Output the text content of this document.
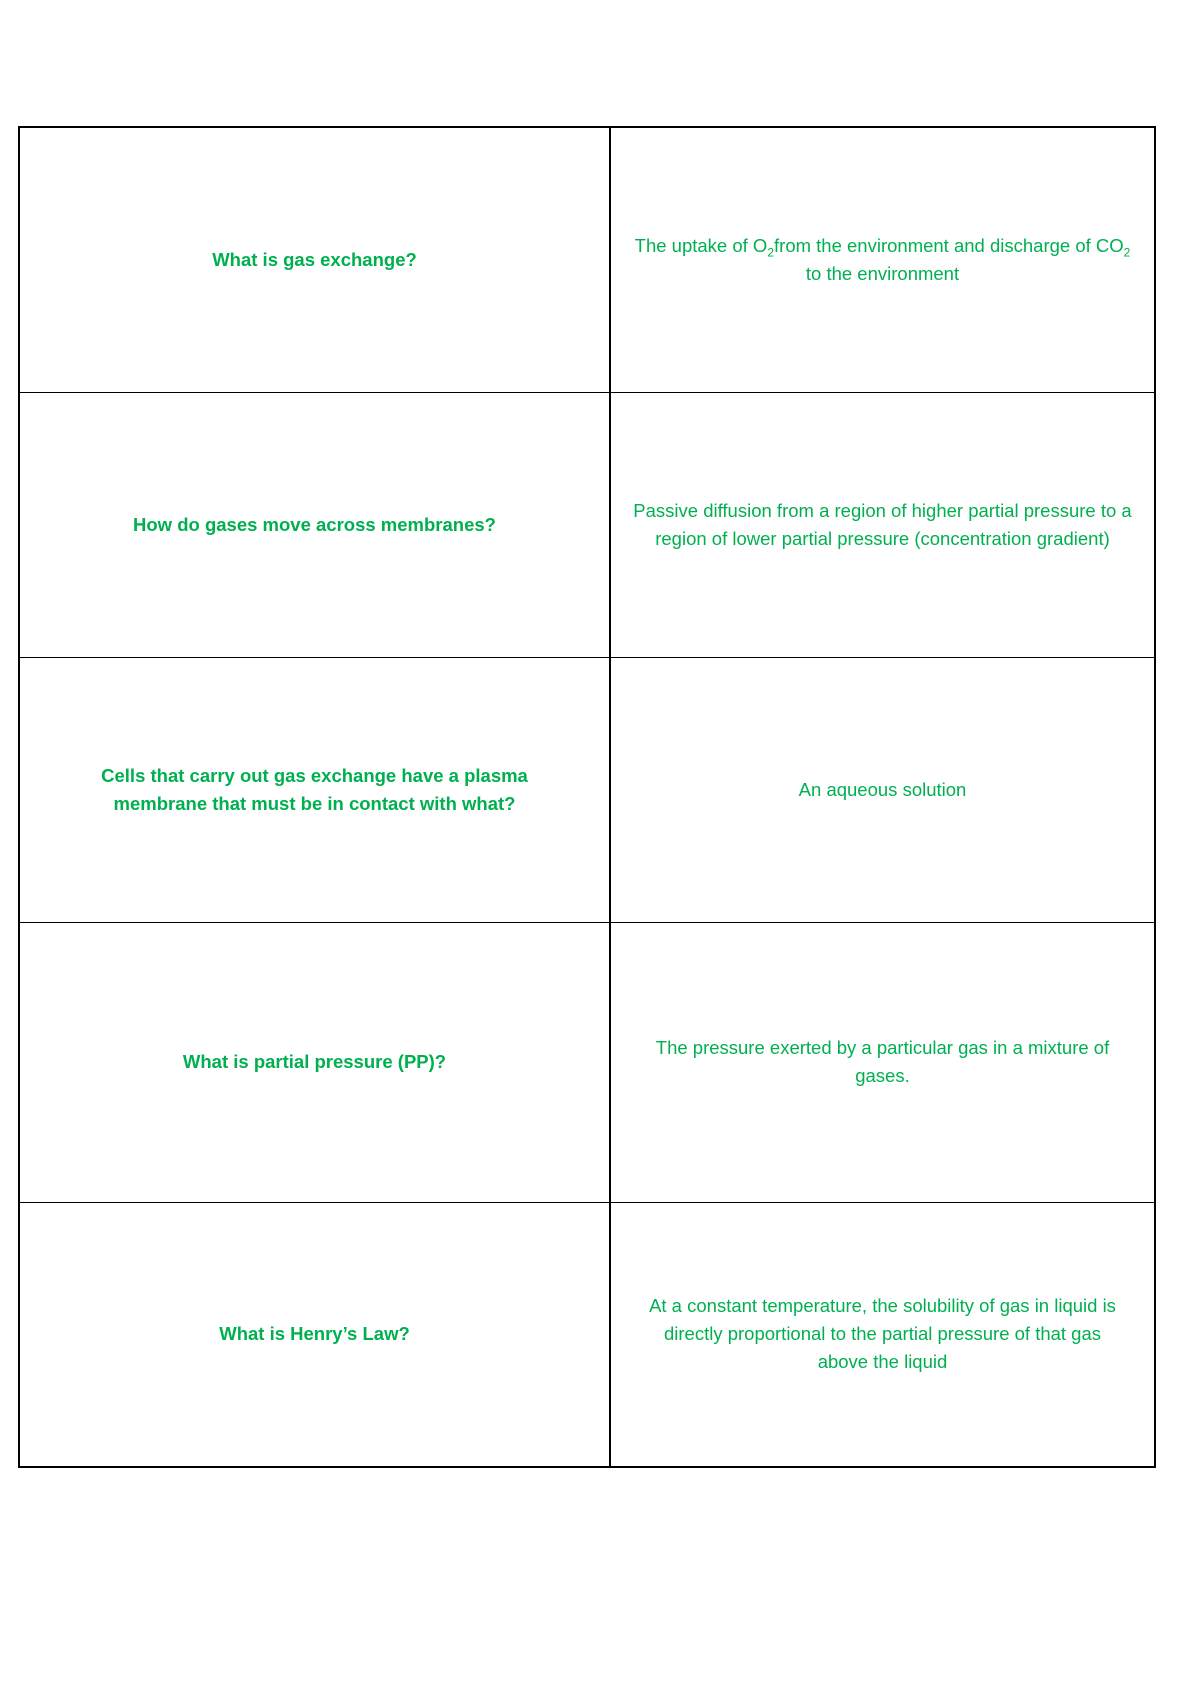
What is gas exchange?	The uptake of $O_2from$ the environment and discharge of $CO_2$
to the environment

How do gases move across membranes?	Passive diffusion from a region of higher partial pressure to a
region of lower partial pressure (concentration gradient)

Cells that carry out gas exchange have a plasma
membrane that must be in contact with what?	An aqueous solution

What is partial pressure (PP)?	The pressure exerted by a particular gas in a mixture of
gases.

What is Henry’s Law?	At a constant temperature, the solubility of gas in liquid is
directly proportional to the partial pressure of that gas
above the liquid
